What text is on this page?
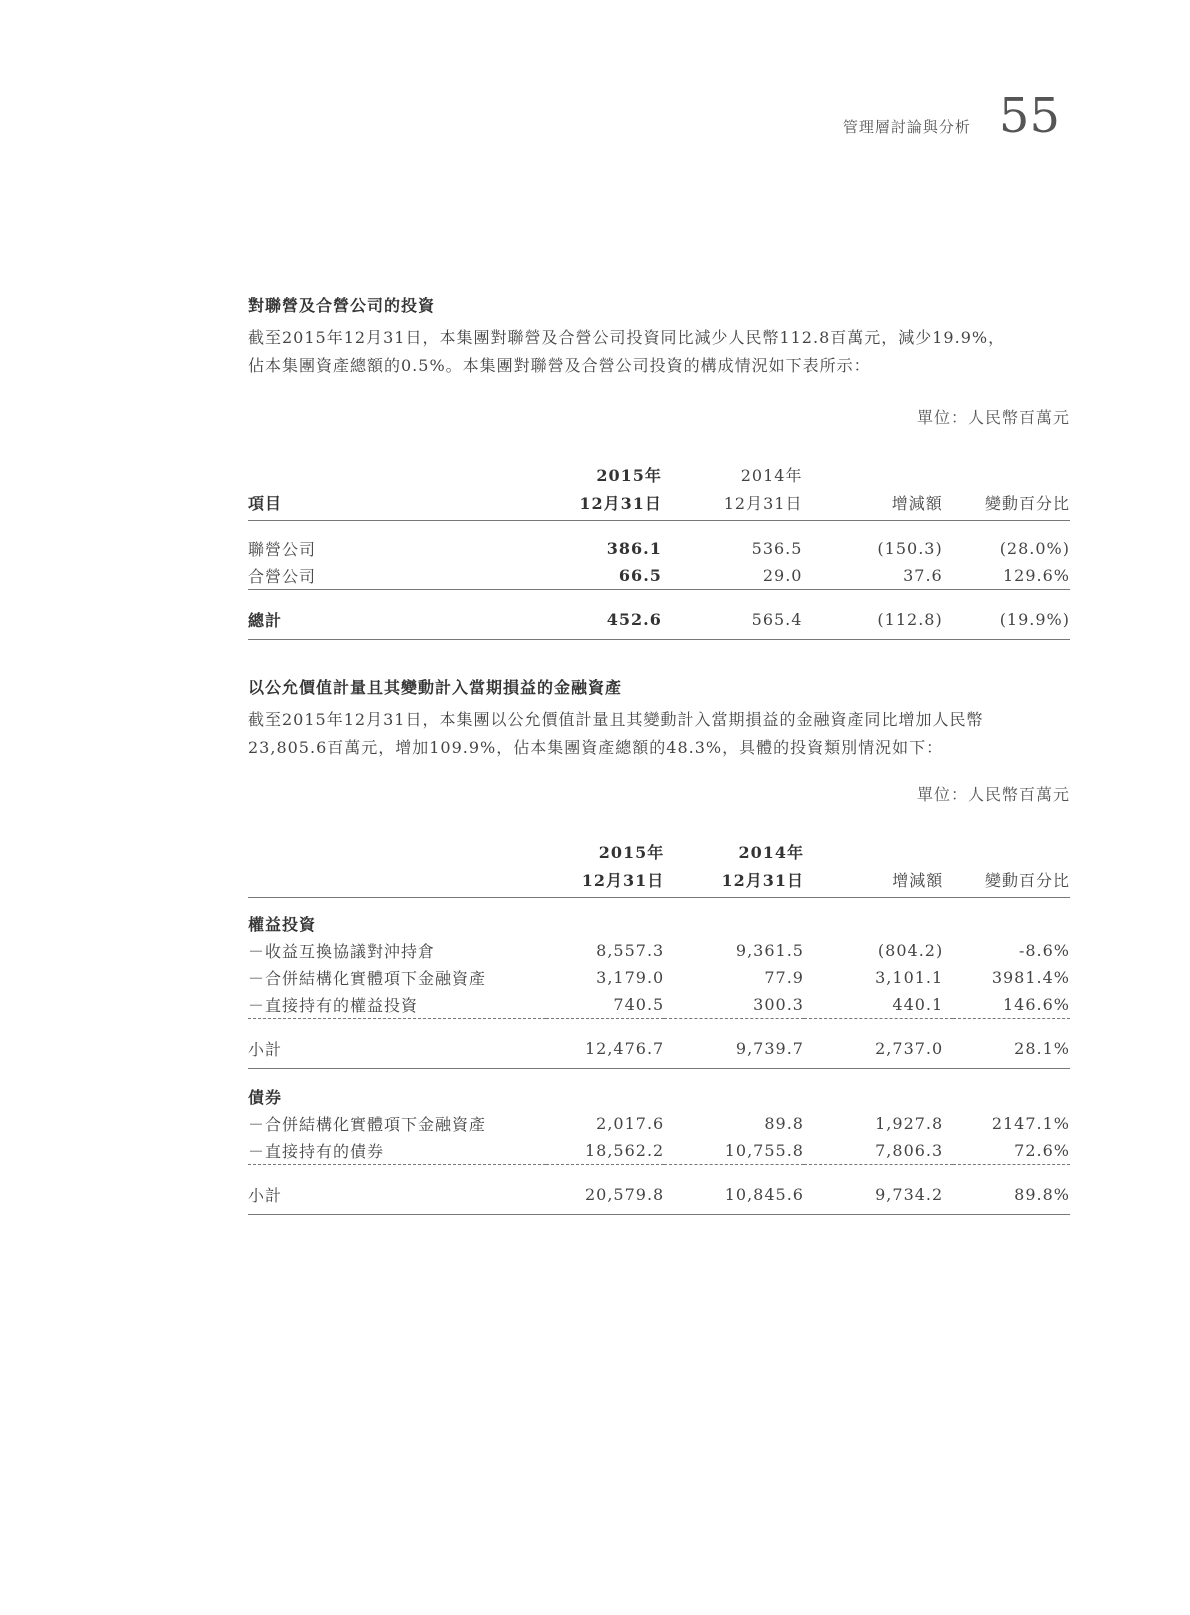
管理層討論與分析 55
對聯營及合營公司的投資

截至2015年12月31日，本集團對聯營及合營公司投資同比減少人民幣112.8百萬元，減少19.9%，

佔本集團資產總額的0.5%。本集團對聯營及合營公司投資的構成情況如下表所示：

單位：人民幣百萬元
	2015年	2014年		
項目	12月31日	12月31日	增減額	變動百分比

聯營公司	386.1	536.5	(150.3)	(28.0%)
合營公司	66.5	29.0	37.6	129.6%

總計	452.6	565.4	(112.8)	(19.9%)
以公允價值計量且其變動計入當期損益的金融資產

截至2015年12月31日，本集團以公允價值計量且其變動計入當期損益的金融資產同比增加人民幣

23,805.6百萬元，增加109.9%，佔本集團資產總額的48.3%，具體的投資類別情況如下：

單位：人民幣百萬元
	2015年	2014年		
	12月31日	12月31日	增減額	變動百分比

權益投資				
－收益互換協議對沖持倉	8,557.3	9,361.5	(804.2)	-8.6%
－合併結構化實體項下金融資產	3,179.0	77.9	3,101.1	3981.4%
－直接持有的權益投資	740.5	300.3	440.1	146.6%

小計	12,476.7	9,739.7	2,737.0	28.1%

債券				
－合併結構化實體項下金融資產	2,017.6	89.8	1,927.8	2147.1%
－直接持有的債券	18,562.2	10,755.8	7,806.3	72.6%

小計	20,579.8	10,845.6	9,734.2	89.8%
